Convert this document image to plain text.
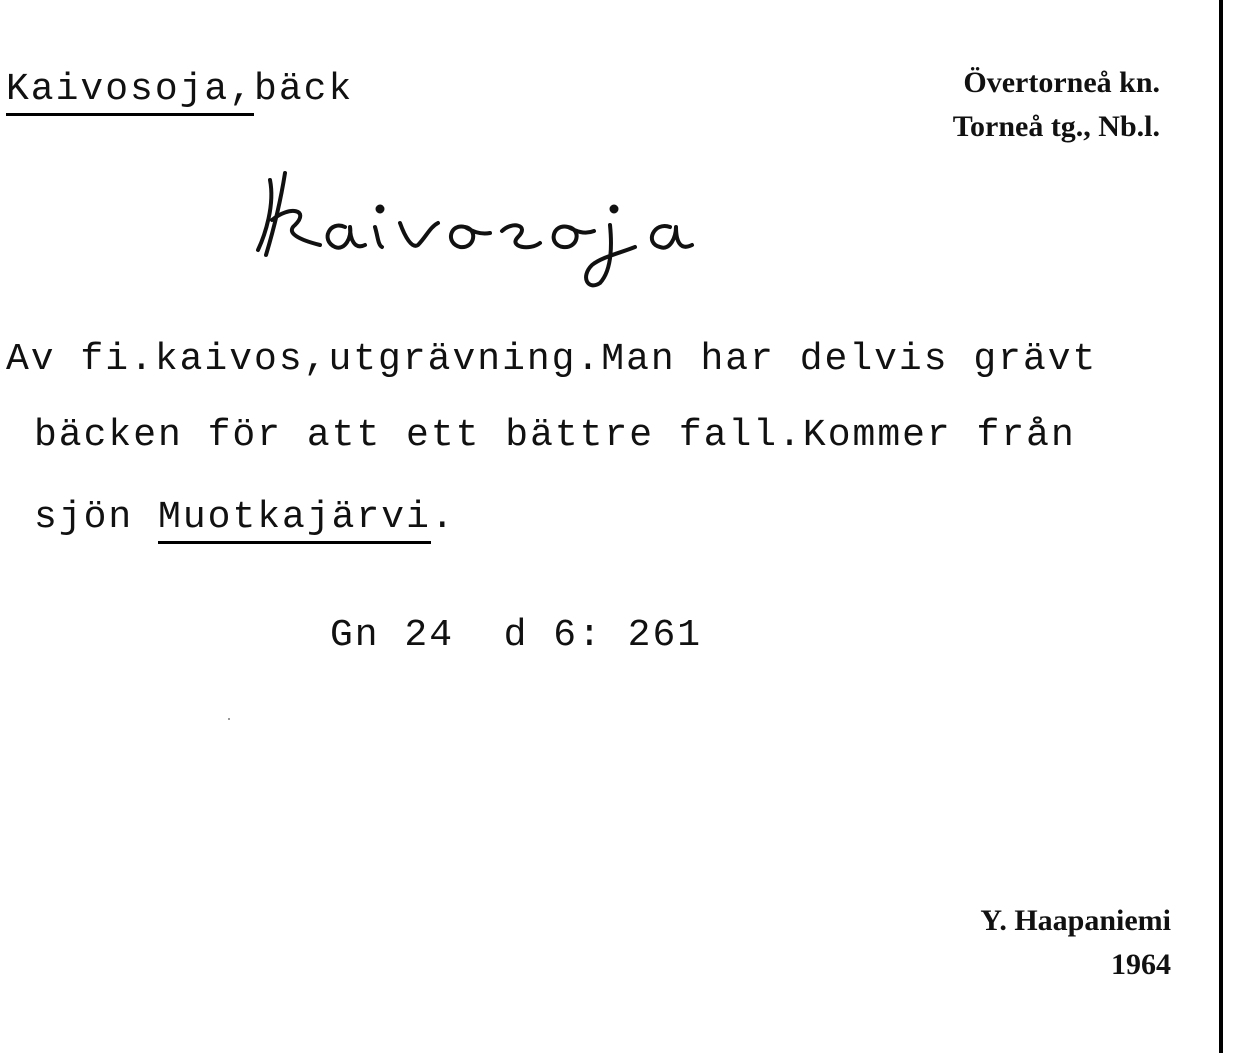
Kaivosoja,bäck	Övertorneå kn.
Torneå tg., Nb.l.
Av fi.kaivos,utgrävning.Man har delvis grävt
bäcken för att ett bättre fall.Kommer från
sjön Muotkajärvi.
Gn 24  d 6: 261
Y. Haapaniemi
1964
